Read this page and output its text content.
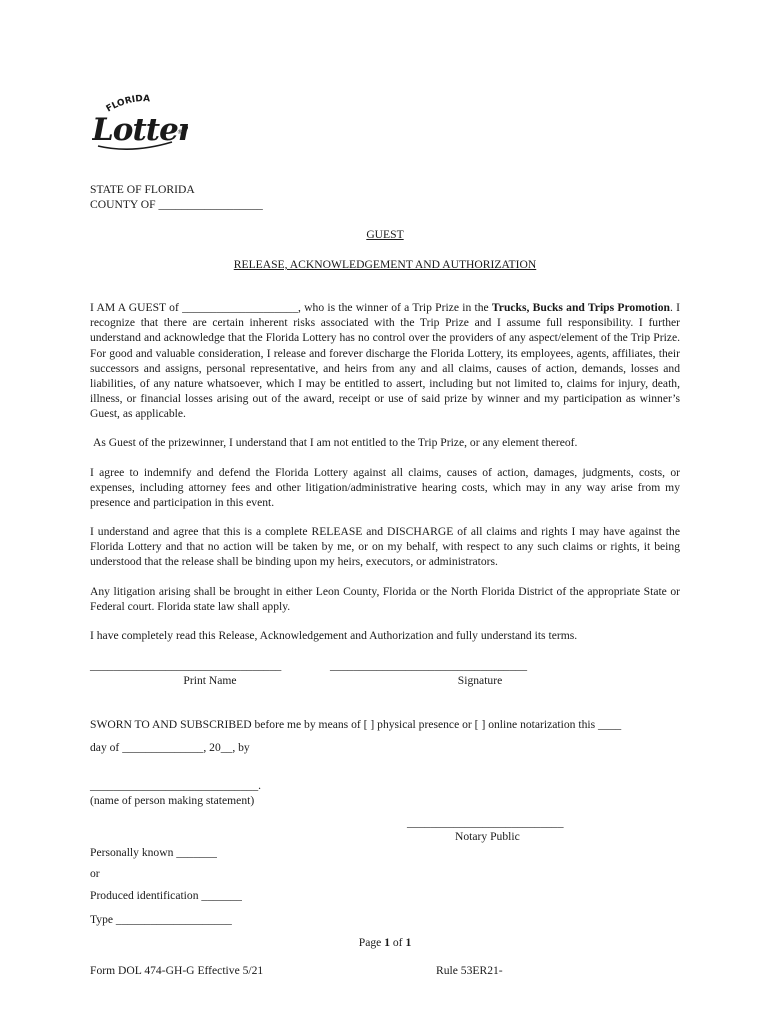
FLORIDA
Lotte ®
STATE OF FLORIDA
COUNTY OF __________________
GUEST
RELEASE, ACKNOWLEDGEMENT AND AUTHORIZATION
I AM A GUEST of ____________________, who is the winner of a Trip Prize in the Trucks, Bucks and Trips Promotion. I recognize that there are certain inherent risks associated with the Trip Prize and I assume full responsibility. I further understand and acknowledge that the Florida Lottery has no control over the providers of any aspect/element of the Trip Prize. For good and valuable consideration, I release and forever discharge the Florida Lottery, its employees, agents, affiliates, their successors and assigns, personal representative, and heirs from any and all claims, causes of action, demands, losses and liabilities, of any nature whatsoever, which I may be entitled to assert, including but not limited to, claims for injury, death, illness, or financial losses arising out of the award, receipt or use of said prize by winner and my participation as winner’s Guest, as applicable.
As Guest of the prizewinner, I understand that I am not entitled to the Trip Prize, or any element thereof.
I agree to indemnify and defend the Florida Lottery against all claims, causes of action, damages, judgments, costs, or expenses, including attorney fees and other litigation/administrative hearing costs, which may in any way arise from my presence and participation in this event.
I understand and agree that this is a complete RELEASE and DISCHARGE of all claims and rights I may have against the Florida Lottery and that no action will be taken by me, or on my behalf, with respect to any such claims or rights, it being understood that the release shall be binding upon my heirs, executors, or administrators.
Any litigation arising shall be brought in either Leon County, Florida or the North Florida District of the appropriate State or Federal court. Florida state law shall apply.
I have completely read this Release, Acknowledgement and Authorization and fully understand its terms.
_________________________________
Print Name
__________________________________
Signature
SWORN TO AND SUBSCRIBED before me by means of [ ] physical presence or [ ] online notarization this ____
day of ______________, 20__, by
_____________________________.
(name of person making statement)
___________________________
Notary Public
Personally known _______
or
Produced identification _______
Type ____________________
Page 1 of 1
Form DOL 474-GH-G Effective 5/21	Rule 53ER21-
